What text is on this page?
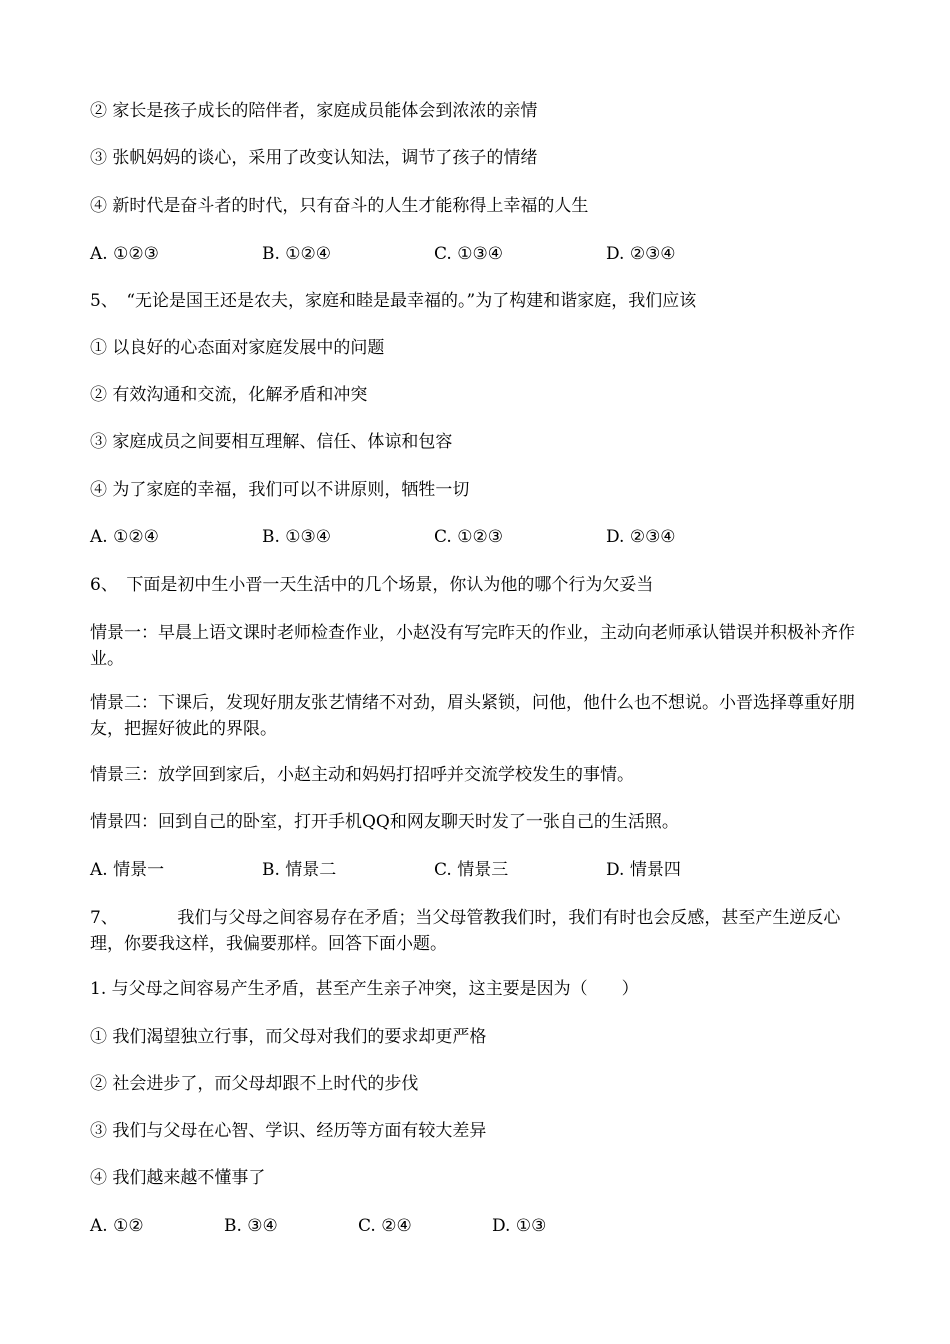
② 家长是孩子成长的陪伴者，家庭成员能体会到浓浓的亲情
③ 张帆妈妈的谈心，采用了改变认知法，调节了孩子的情绪
④ 新时代是奋斗者的时代，只有奋斗的人生才能称得上幸福的人生
A. ①②③	B. ①②④	C. ①③④	D. ②③④
5、　“无论是国王还是农夫，家庭和睦是最幸福的。”为了构建和谐家庭，我们应该
① 以良好的心态面对家庭发展中的问题
② 有效沟通和交流，化解矛盾和冲突
③ 家庭成员之间要相互理解、信任、体谅和包容
④ 为了家庭的幸福，我们可以不讲原则，牺牲一切
A. ①②④	B. ①③④	C. ①②③	D. ②③④
6、　下面是初中生小晋一天生活中的几个场景，你认为他的哪个行为欠妥当
情景一：早晨上语文课时老师检查作业，小赵没有写完昨天的作业，主动向老师承认错误并积极补齐作业。
情景二：下课后，发现好朋友张艺情绪不对劲，眉头紧锁，问他，他什么也不想说。小晋选择尊重好朋友，把握好彼此的界限。
情景三：放学回到家后，小赵主动和妈妈打招呼并交流学校发生的事情。
情景四：回到自己的卧室，打开手机QQ和网友聊天时发了一张自己的生活照。
A. 情景一	B. 情景二	C. 情景三	D. 情景四
7、　　　　我们与父母之间容易存在矛盾；当父母管教我们时，我们有时也会反感，甚至产生逆反心理，你要我这样，我偏要那样。回答下面小题。
1. 与父母之间容易产生矛盾，甚至产生亲子冲突，这主要是因为（　　）
① 我们渴望独立行事，而父母对我们的要求却更严格
② 社会进步了，而父母却跟不上时代的步伐
③ 我们与父母在心智、学识、经历等方面有较大差异
④ 我们越来越不懂事了
A. ①②	B. ③④	C. ②④	D. ①③
